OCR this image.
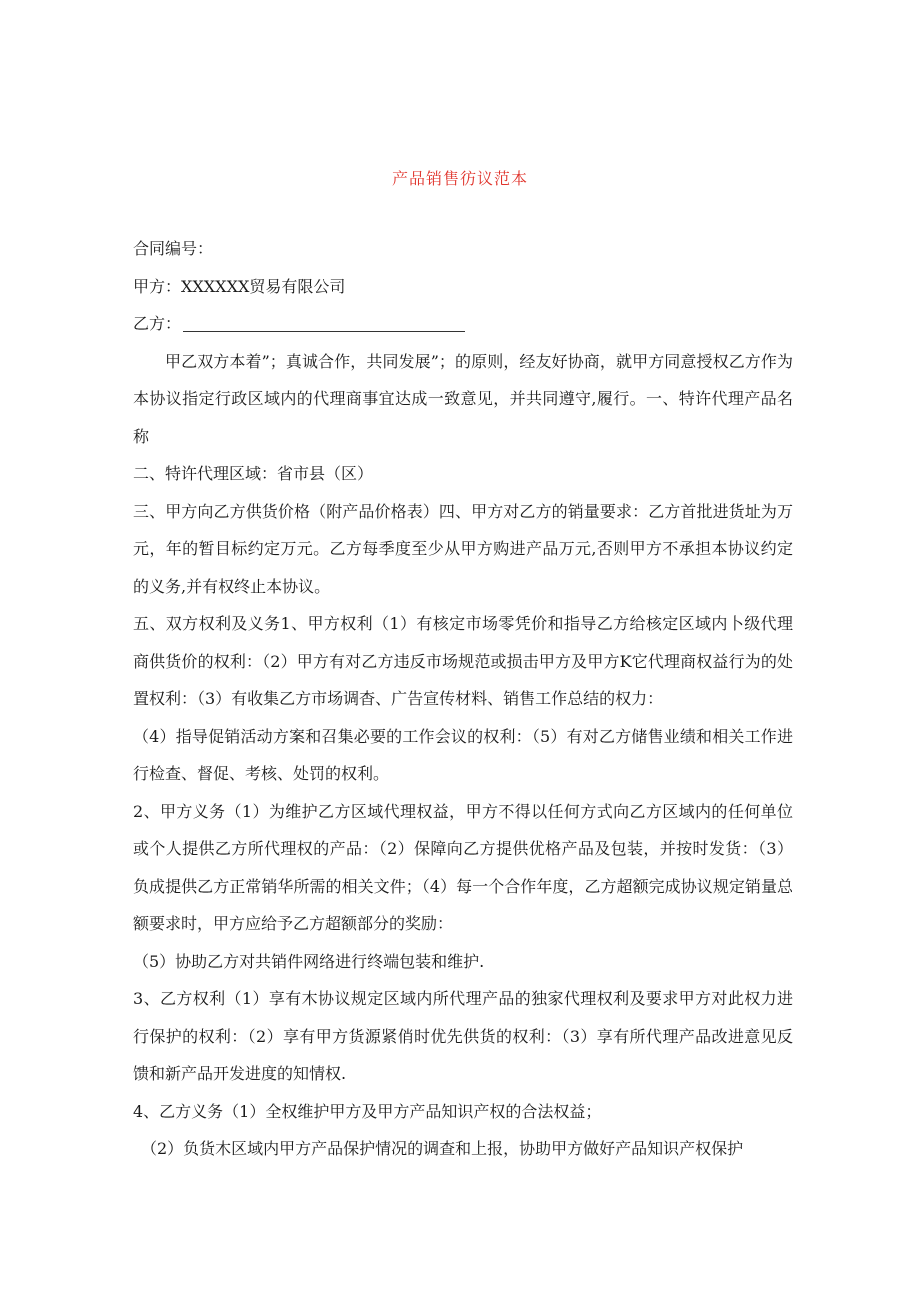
产品销售彷议范本
合同编号：
甲方：XXXXXX贸易有限公司
乙方：
甲乙双方本着”；真诚合作，共同发展”；的原则，经友好协商，就甲方同意授权乙方作为本协议指定行政区域内的代理商事宜达成一致意见，并共同遵守,履行。一、特许代理产品名称
二、特许代理区域：省市县（区）
三、甲方向乙方供货价格（附产品价格表）四、甲方对乙方的销量要求：乙方首批进货址为万元，年的暂目标约定万元。乙方每季度至少从甲方购进产品万元,否则甲方不承担本协议约定的义务,并有权终止本协议。
五、双方权利及义务1、甲方权利（1）有核定市场零凭价和指导乙方给核定区域内卜级代理商供货价的权利：（2）甲方有对乙方违反市场规范或损击甲方及甲方K它代理商权益行为的处置权利：（3）有收集乙方市场调杳、广告宣传材料、销售工作总结的权力：
（4）指导促销活动方案和召集必要的工作会议的权利：（5）有对乙方储售业绩和相关工作进行检查、督促、考核、处罚的权利。
2、甲方义务（1）为维护乙方区域代理权益，甲方不得以任何方式向乙方区域内的任何单位或个人提供乙方所代理权的产品：（2）保障向乙方提供优格产品及包装，并按时发货：（3）负成提供乙方正常销华所需的相关文件；（4）每一个合作年度，乙方超额完成协议规定销量总额要求时，甲方应给予乙方超额部分的奖励：
（5）协助乙方对共销件网络进行终端包装和维护.
3、乙方权利（1）享有木协议规定区域内所代理产品的独家代理权利及要求甲方对此权力进行保护的权利：（2）享有甲方货源紧俏时优先供货的权利：（3）享有所代理产品改进意见反馈和新产品开发进度的知情权.
4、乙方义务（1）全权维护甲方及甲方产品知识产权的合法权益；
（2）负货木区域内甲方产品保护情况的调查和上报，协助甲方做好产品知识产权保护
